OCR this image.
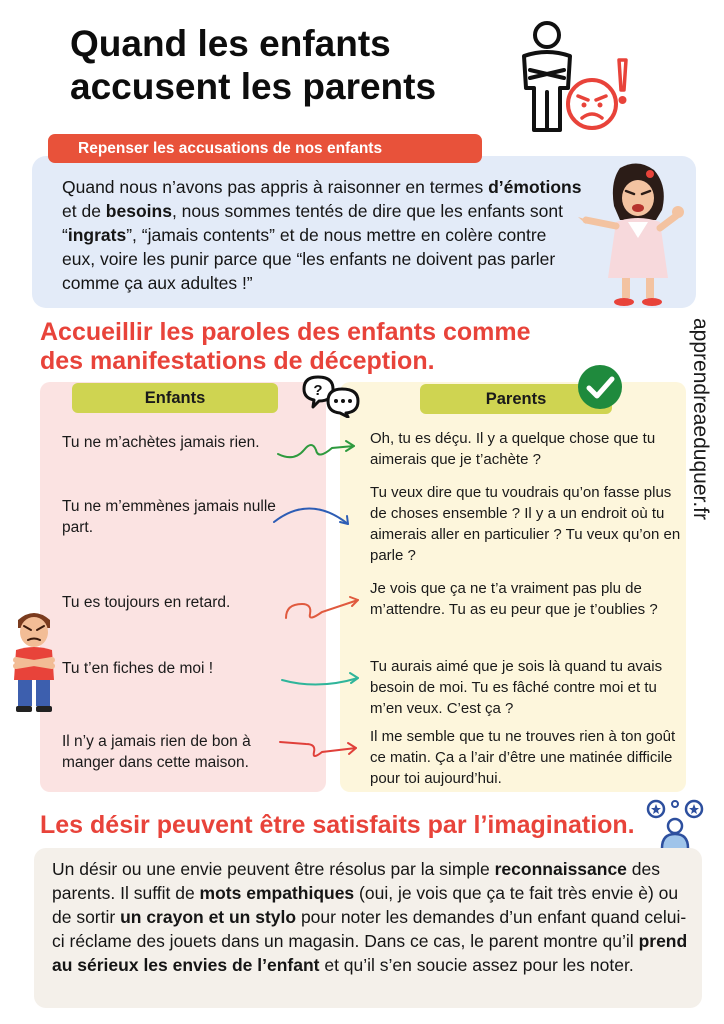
Quand les enfants
accusent les parents
Repenser les accusations de nos enfants
Quand nous n’avons pas appris à raisonner en termes d’émotions et de besoins, nous sommes tentés de dire que les enfants sont “ingrats”, “jamais contents” et de nous mettre en colère contre eux, voire les punir parce que “les enfants ne doivent pas parler comme ça aux adultes !”
Accueillir les paroles des enfants comme
des manifestations de déception.	apprendreaeduquer.fr
Enfants	Parents
?
Tu ne m’achètes jamais rien.
Tu ne m’emmènes jamais nulle part.
Tu es toujours en retard.
Tu t’en fiches de moi !
Il n’y a jamais rien de bon à manger dans cette maison.
Oh, tu es déçu. Il y a quelque chose que tu aimerais que je t’achète ?
Tu veux dire que tu voudrais qu’on fasse plus de choses ensemble ? Il y a un endroit où tu aimerais aller en particulier ? Tu veux qu’on en parle ?
Je vois que ça ne t’a vraiment pas plu de m’attendre. Tu as eu peur que je t’oublies ?
Tu aurais aimé que je sois là quand tu avais besoin de moi. Tu es fâché contre moi et tu m’en veux. C’est ça ?
Il me semble que tu ne trouves rien à ton goût ce matin. Ça a l’air d’être une matinée difficile pour toi aujourd’hui.
Les désir peuvent être satisfaits par l’imagination.
Un désir ou une envie peuvent être résolus par la simple reconnaissance des parents. Il suffit de mots empathiques (oui, je vois que ça te fait très envie è) ou de sortir un crayon et un stylo pour noter les demandes d’un enfant quand celui-ci réclame des jouets dans un magasin. Dans ce cas, le parent montre qu’il prend au sérieux les envies de l’enfant et qu’il s’en soucie assez pour les noter.
